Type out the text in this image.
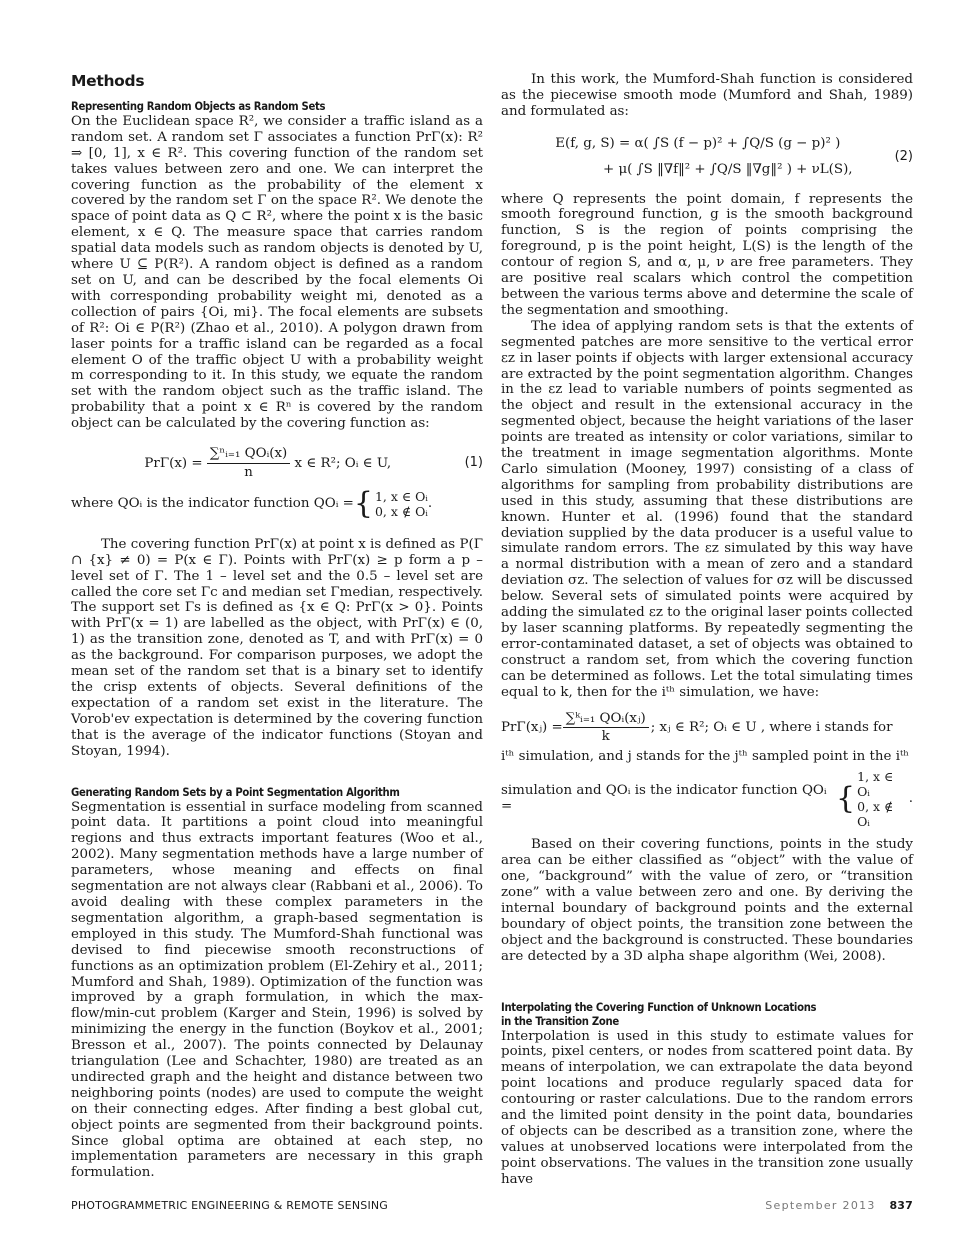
Methods
Representing Random Objects as Random Sets

On the Euclidean space R², we consider a traffic island as a random set. A random set Γ associates a function PrΓ(x): R² ⇒ [0, 1], x ∈ R². This covering function of the random set takes values between zero and one. We can interpret the covering function as the probability of the element x covered by the random set Γ on the space R². We denote the space of point data as Q ⊂ R², where the point x is the basic element, x ∈ Q. The measure space that carries random spatial data models such as random objects is denoted by U, where U ⊆ P(R²). A random object is defined as a random set on U, and can be described by the focal elements Oi with corresponding probability weight mi, denoted as a collection of pairs {Oi, mi}. The focal elements are subsets of R²: Oi ∈ P(R²) (Zhao et al., 2010). A polygon drawn from laser points for a traffic island can be regarded as a focal element O of the traffic object U with a probability weight m corresponding to it. In this study, we equate the random set with the random object such as the traffic island. The probability that a point x ∈ Rⁿ is covered by the random object can be calculated by the covering function as:

$Pr\Gamma(x) = \frac{\text{∑ⁿᵢ₌₁ QOᵢ(x)}}{n}$ x ∈ R²; Oᵢ ∈ U,	(1)
where QOᵢ is the indicator function QOᵢ = { 1, x ∈ Oᵢ
0, x ∉ Oᵢ
.

The covering function PrΓ(x) at point x is defined as P(Γ ∩ {x} ≠ 0) = P(x ∈ Γ). Points with PrΓ(x) ≥ p form a p – level set of Γ. The 1 – level set and the 0.5 – level set are called the core set Γc and median set Γmedian, respectively. The support set Γs is defined as {x ∈ Q: PrΓ(x > 0}. Points with PrΓ(x = 1) are labelled as the object, with PrΓ(x) ∈ (0, 1) as the transition zone, denoted as T, and with PrΓ(x) = 0 as the background. For comparison purposes, we adopt the mean set of the random set that is a binary set to identify the crisp extents of objects. Several definitions of the expectation of a random set exist in the literature. The Vorob'ev expectation is determined by the covering function that is the average of the indicator functions (Stoyan and Stoyan, 1994).

Generating Random Sets by a Point Segmentation Algorithm

Segmentation is essential in surface modeling from scanned point data. It partitions a point cloud into meaningful regions and thus extracts important features (Woo et al., 2002). Many segmentation methods have a large number of parameters, whose meaning and effects on final segmentation are not always clear (Rabbani et al., 2006). To avoid dealing with these complex parameters in the segmentation algorithm, a graph-based segmentation is employed in this study. The Mumford-Shah functional was devised to find piecewise smooth reconstructions of functions as an optimization problem (El-Zehiry et al., 2011; Mumford and Shah, 1989). Optimization of the function was improved by a graph formulation, in which the max-flow/min-cut problem (Karger and Stein, 1996) is solved by minimizing the energy in the function (Boykov et al., 2001; Bresson et al., 2007). The points connected by Delaunay triangulation (Lee and Schachter, 1980) are treated as an undirected graph and the height and distance between two neighboring points (nodes) are used to compute the weight on their connecting edges. After finding a best global cut, object points are segmented from their background points. Since global optima are obtained at each step, no implementation parameters are necessary in this graph formulation.

In this work, the Mumford-Shah function is considered as the piecewise smooth mode (Mumford and Shah, 1989) and formulated as:

E(f, g, S) = α( ∫S (f − p)² + ∫Q/S (g − p)² )
+ μ( ∫S ‖∇f‖² + ∫Q/S ‖∇g‖² ) + νL(S),
(2)

where Q represents the point domain, f represents the smooth foreground function, g is the smooth background function, S is the region of points comprising the foreground, p is the point height, L(S) is the length of the contour of region S, and α, μ, ν are free parameters. They are positive real scalars which control the competition between the various terms above and determine the scale of the segmentation and smoothing.

The idea of applying random sets is that the extents of segmented patches are more sensitive to the vertical error εz in laser points if objects with larger extensional accuracy are extracted by the point segmentation algorithm. Changes in the εz lead to variable numbers of points segmented as the object and result in the extensional accuracy in the segmented object, because the height variations of the laser points are treated as intensity or color variations, similar to the treatment in image segmentation algorithms. Monte Carlo simulation (Mooney, 1997) consisting of a class of algorithms for sampling from probability distributions are used in this study, assuming that these distributions are known. Hunter et al. (1996) found that the standard deviation supplied by the data producer is a useful value to simulate random errors. The εz simulated by this way have a normal distribution with a mean of zero and a standard deviation σz. The selection of values for σz will be discussed below. Several sets of simulated points were acquired by adding the simulated εz to the original laser points collected by laser scanning platforms. By repeatedly segmenting the error-contaminated dataset, a set of objects was obtained to construct a random set, from which the covering function can be determined as follows. Let the total simulating times equal to k, then for the iᵗʰ simulation, we have:

PrΓ(xⱼ) = $\frac{\text{∑ᵏᵢ₌₁ QOᵢ(xⱼ)}}{k}$ ; xⱼ ∈ R²; Oᵢ ∈ U , where i stands for

iᵗʰ simulation, and j stands for the jᵗʰ sampled point in the iᵗʰ

simulation and QOᵢ is the indicator function QOᵢ =	{
1, x ∈ Oᵢ
0, x ∉ Oᵢ
.

Based on their covering functions, points in the study area can be either classified as “object” with the value of one, “background” with the value of zero, or “transition zone” with a value between zero and one. By deriving the internal boundary of background points and the external boundary of object points, the transition zone between the object and the background is constructed. These boundaries are detected by a 3D alpha shape algorithm (Wei, 2008).

Interpolating the Covering Function of Unknown Locations
in the Transition Zone

Interpolation is used in this study to estimate values for points, pixel centers, or nodes from scattered point data. By means of interpolation, we can extrapolate the data beyond point locations and produce regularly spaced data for contouring or raster calculations. Due to the random errors and the limited point density in the point data, boundaries of objects can be described as a transition zone, where the values at unobserved locations were interpolated from the point observations. The values in the transition zone usually have

PHOTOGRAMMETRIC ENGINEERING & REMOTE SENSING	September 2013 837
